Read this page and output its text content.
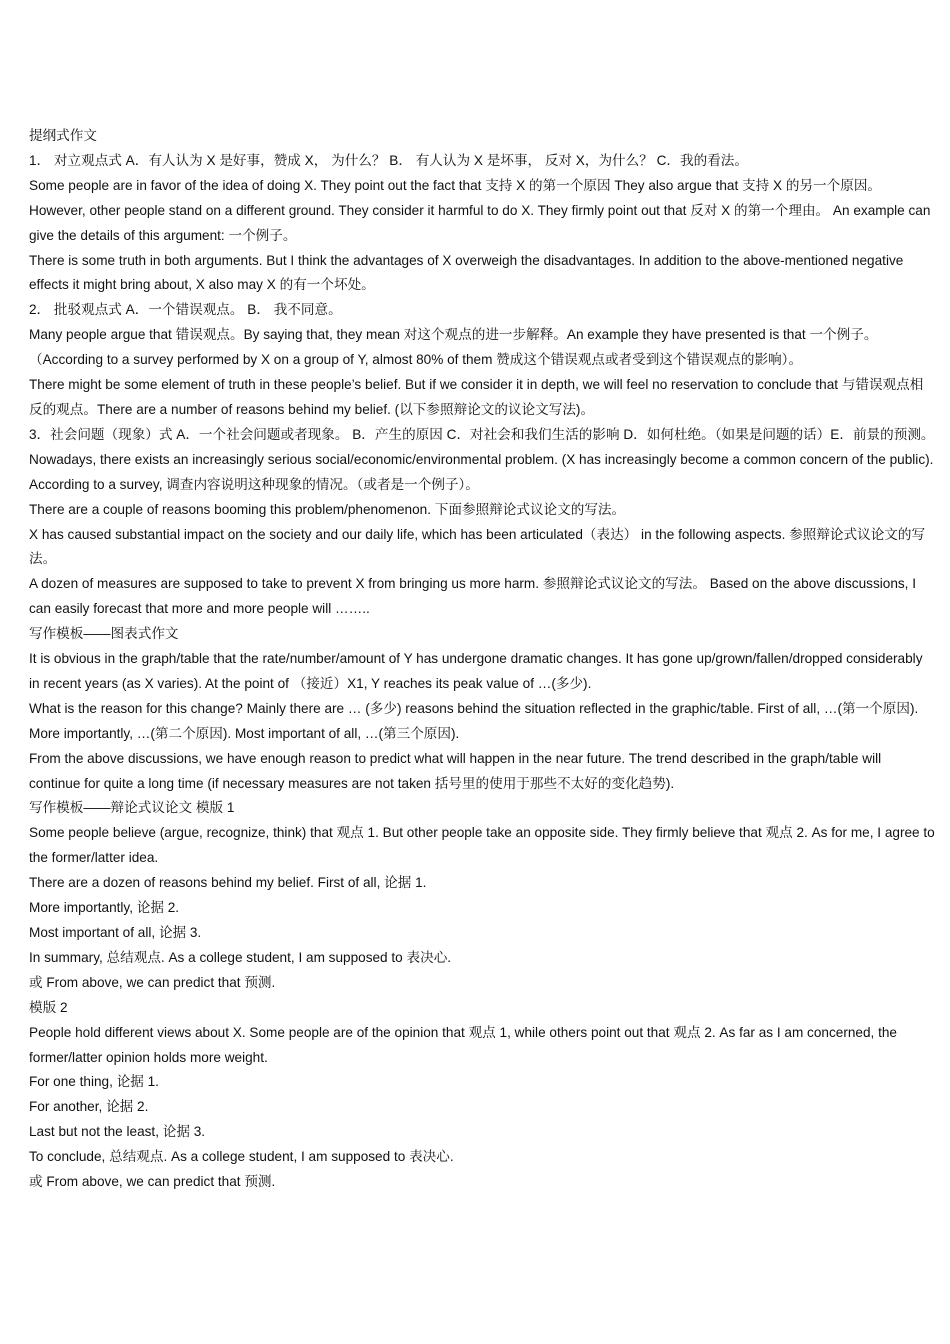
提纲式作文

1． 对立观点式 A．有人认为 X 是好事，赞成 X， 为什么？ B． 有人认为 X 是坏事， 反对 X，为什么？ C．我的看法。

Some people are in favor of the idea of doing X. They point out the fact that 支持 X 的第一个原因 They also argue that 支持 X 的另一个原因。

However, other people stand on a different ground. They consider it harmful to do X. They firmly point out that 反对 X 的第一个理由。 An example can give the details of this argument: 一个例子。

There is some truth in both arguments. But I think the advantages of X overweigh the disadvantages. In addition to the above-mentioned negative effects it might bring about, X also may X 的有一个坏处。

2． 批驳观点式 A．一个错误观点。 B． 我不同意。

Many people argue that 错误观点。By saying that, they mean 对这个观点的进一步解释。An example they have presented is that 一个例子。（According to a survey performed by X on a group of Y, almost 80% of them 赞成这个错误观点或者受到这个错误观点的影响）。

There might be some element of truth in these people’s belief. But if we consider it in depth, we will feel no reservation to conclude that 与错误观点相反的观点。There are a number of reasons behind my belief. (以下参照辩论文的议论文写法)。

3．社会问题（现象）式 A．一个社会问题或者现象。 B．产生的原因 C．对社会和我们生活的影响 D．如何杜绝。（如果是问题的话）E．前景的预测。

Nowadays, there exists an increasingly serious social/economic/environmental problem. (X has increasingly become a common concern of the public). According to a survey, 调查内容说明这种现象的情况。（或者是一个例子）。

There are a couple of reasons booming this problem/phenomenon. 下面参照辩论式议论文的写法。

X has caused substantial impact on the society and our daily life, which has been articulated（表达） in the following aspects. 参照辩论式议论文的写法。

A dozen of measures are supposed to take to prevent X from bringing us more harm. 参照辩论式议论文的写法。 Based on the above discussions, I can easily forecast that more and more people will ……..

写作模板——图表式作文

It is obvious in the graph/table that the rate/number/amount of Y has undergone dramatic changes. It has gone up/grown/fallen/dropped considerably in recent years (as X varies). At the point of （接近）X1, Y reaches its peak value of …(多少).

What is the reason for this change? Mainly there are … (多少) reasons behind the situation reflected in the graphic/table. First of all, …(第一个原因). More importantly, …(第二个原因). Most important of all, …(第三个原因).

From the above discussions, we have enough reason to predict what will happen in the near future. The trend described in the graph/table will continue for quite a long time (if necessary measures are not taken 括号里的使用于那些不太好的变化趋势).

写作模板——辩论式议论文 模版 1

Some people believe (argue, recognize, think) that 观点 1. But other people take an opposite side. They firmly believe that 观点 2. As for me, I agree to the former/latter idea.

There are a dozen of reasons behind my belief. First of all, 论据 1.

More importantly, 论据 2.

Most important of all, 论据 3.

In summary, 总结观点. As a college student, I am supposed to 表决心.

或 From above, we can predict that 预测.

模版 2

People hold different views about X. Some people are of the opinion that 观点 1, while others point out that 观点 2. As far as I am concerned, the former/latter opinion holds more weight.

For one thing, 论据 1.

For another, 论据 2.

Last but not the least, 论据 3.

To conclude, 总结观点. As a college student, I am supposed to 表决心.

或 From above, we can predict that 预测.
